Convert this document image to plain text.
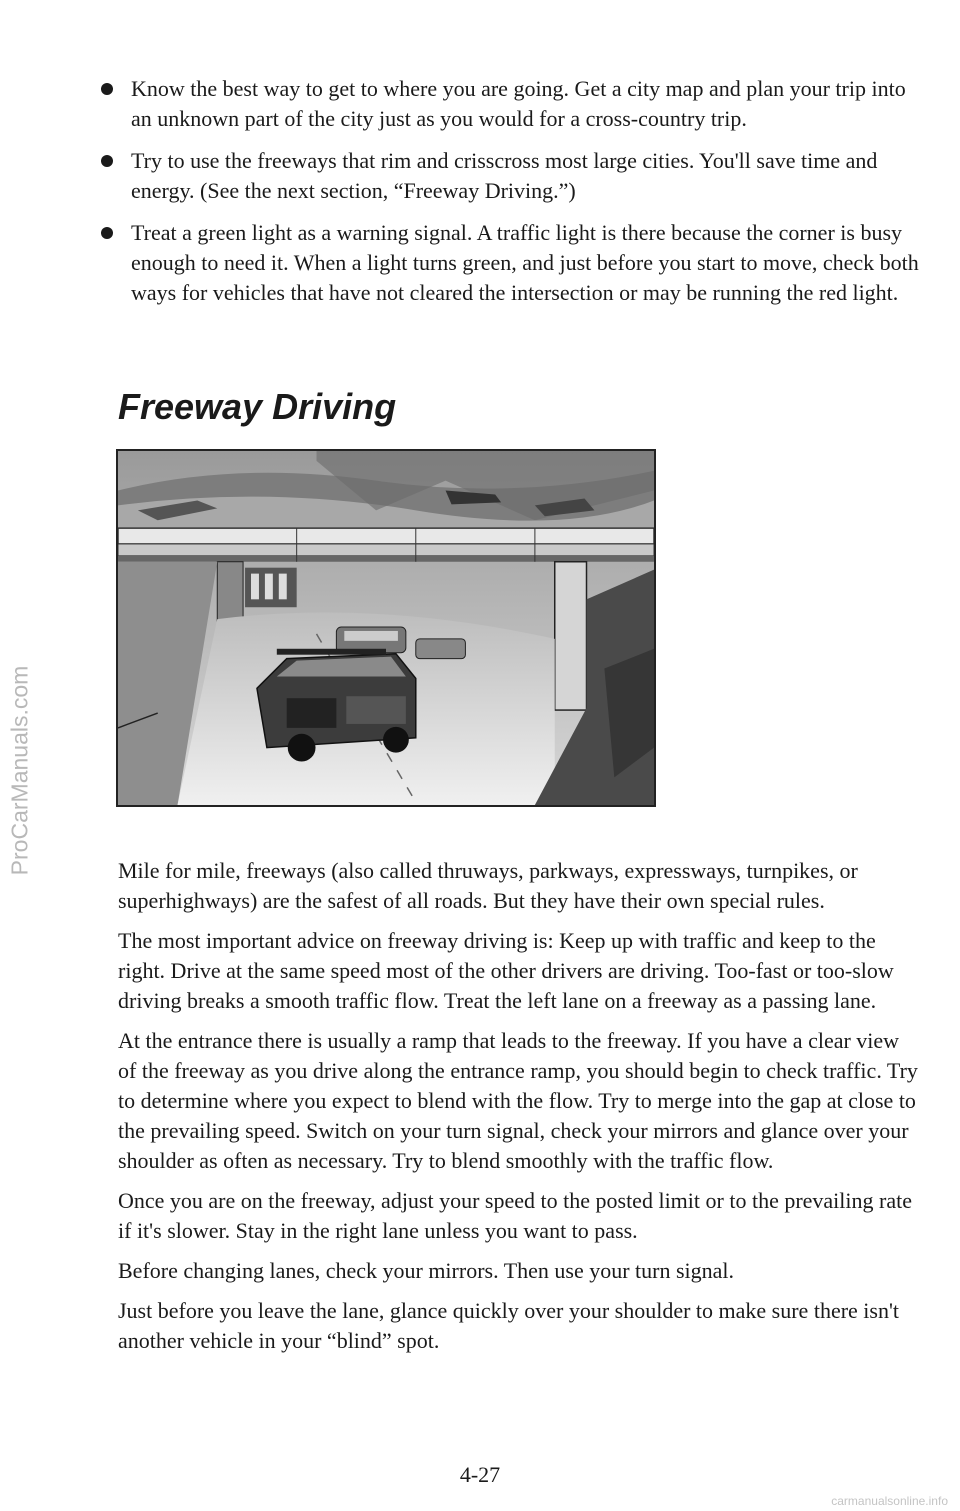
ProCarManuals.com
Know the best way to get to where you are going. Get a city map and plan your trip into an unknown part of the city just as you would for a cross-country trip.
Try to use the freeways that rim and crisscross most large cities. You'll save time and energy. (See the next section, “Freeway Driving.”)
Treat a green light as a warning signal. A traffic light is there because the corner is busy enough to need it. When a light turns green, and just before you start to move, check both ways for vehicles that have not cleared the intersection or may be running the red light.
Freeway Driving

Mile for mile, freeways (also called thruways, parkways, expressways, turnpikes, or superhighways) are the safest of all roads. But they have their own special rules.

The most important advice on freeway driving is: Keep up with traffic and keep to the right. Drive at the same speed most of the other drivers are driving. Too-fast or too-slow driving breaks a smooth traffic flow. Treat the left lane on a freeway as a passing lane.

At the entrance there is usually a ramp that leads to the freeway. If you have a clear view of the freeway as you drive along the entrance ramp, you should begin to check traffic. Try to determine where you expect to blend with the flow. Try to merge into the gap at close to the prevailing speed. Switch on your turn signal, check your mirrors and glance over your shoulder as often as necessary. Try to blend smoothly with the traffic flow.

Once you are on the freeway, adjust your speed to the posted limit or to the prevailing rate if it's slower. Stay in the right lane unless you want to pass.

Before changing lanes, check your mirrors. Then use your turn signal.

Just before you leave the lane, glance quickly over your shoulder to make sure there isn't another vehicle in your “blind” spot.

4-27
carmanualsonline.info
